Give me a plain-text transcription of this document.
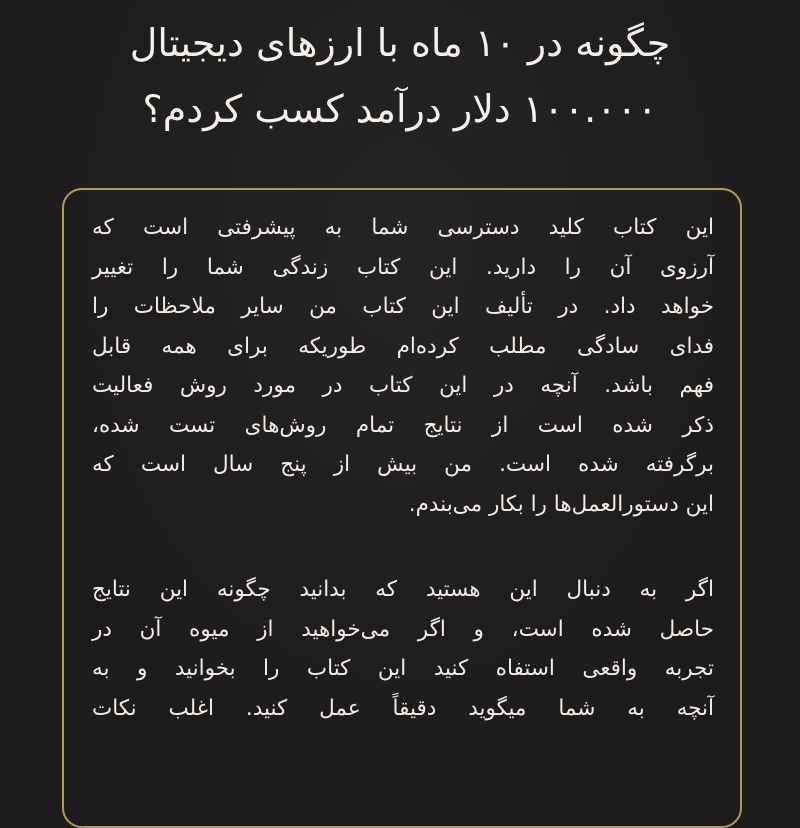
چگونه در ۱۰ ماه با ارزهای دیجیتال
۱۰۰.۰۰۰ دلار درآمد کسب کردم؟

این کتاب کلید دسترسی شما به پیشرفتی است که
آرزوی آن را دارید. این کتاب زندگی شما را تغییر
خواهد داد. در تألیف این کتاب من سایر ملاحظات را
فدای سادگی مطلب کرده‌ام طوریکه برای همه قابل
فهم باشد. آنچه در این کتاب در مورد روش فعالیت
ذکر شده است از نتایج تمام روش‌های تست شده،
برگرفته شده است. من بیش از پنج سال است که
این دستورالعمل‌ها را بکار می‌بندم.

اگر به دنبال این هستید که بدانید چگونه این نتایج
حاصل شده است، و اگر می‌خواهید از میوه آن در
تجربه واقعی استفاه کنید این کتاب را بخوانید و به
آنچه به شما میگوید دقیقاً عمل کنید. اغلب نکات
